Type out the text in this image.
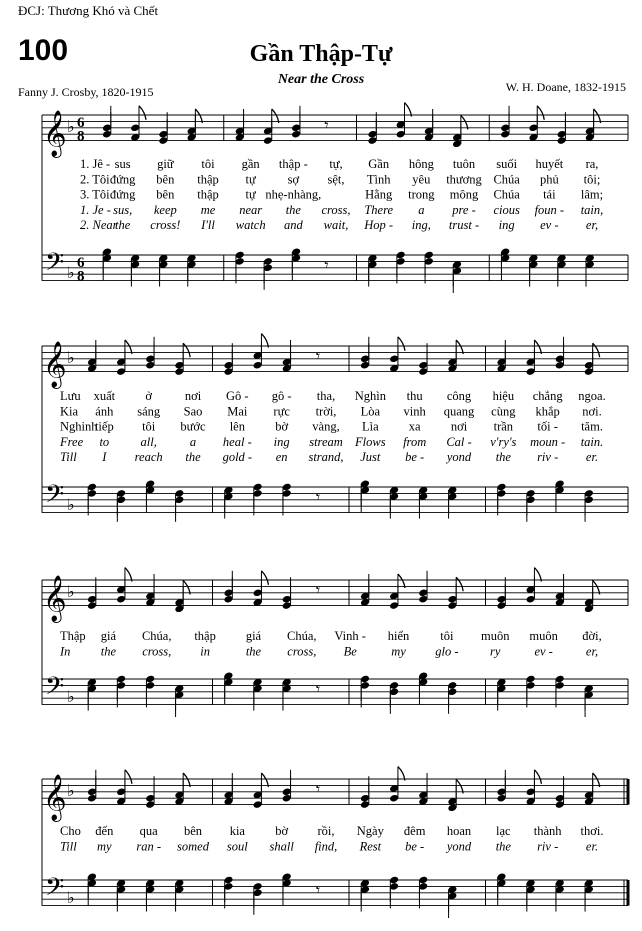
ĐCJ: Thương Khó và Chết
100	Gần Thập-Tự
Near the Cross
Fanny J. Crosby, 1820-1915	W. H. Doane, 1832-1915
𝄞
𝄢
♭
♭
6
8
6
8
𝄾
𝄾
1. Jê - sus giữ tôi gần thập - tự, Gần hông tuôn suối huyết ra,
2. Tôi đứng bên thập tự	sợ sệt, Tình yêu thương Chúa phủ tôi;
3. Tôi đứng bên thập tự nhẹ-nhàng,	Hằng trong mông Chúa tái lâm;
1. Je - sus, keep me near the cross, There a pre - cious foun - tain,
2. Near
the cross! I'll watch and wait, Hop - ing, trust - ing ev - er,
𝄞
𝄢
♭
♭
𝄾
𝄾
Lưu xuất ở	nơi Gô - gô - tha, Nghìn thu công hiệu chẳng ngoa.
Kia ánh sáng Sao Mai rực trời, Lòa vinh quang cùng khắp nơi.
Nghinh
tiếp tôi bước lên bờ vàng, Lìa xa nơi trần tối - tăm.
Free to	all,	a heal - ing stream Flows from Cal - v'ry's moun - tain.
Till I reach the gold - en strand, Just be - yond the riv - er.
𝄞
𝄢
♭
♭
𝄾
𝄾
Thập giá Chúa, thập giá Chúa, Vinh - hiển tôi muôn muôn đời,
In the cross, in	the cross, Be	my glo -	ry	ev -	er,
𝄞
𝄢
♭
♭
𝄾
𝄾
Cho đến qua bên kia bờ rồi, Ngày đêm hoan lạc thành thơi.
Till my ran - somed soul shall find, Rest be - yond the riv - er.
